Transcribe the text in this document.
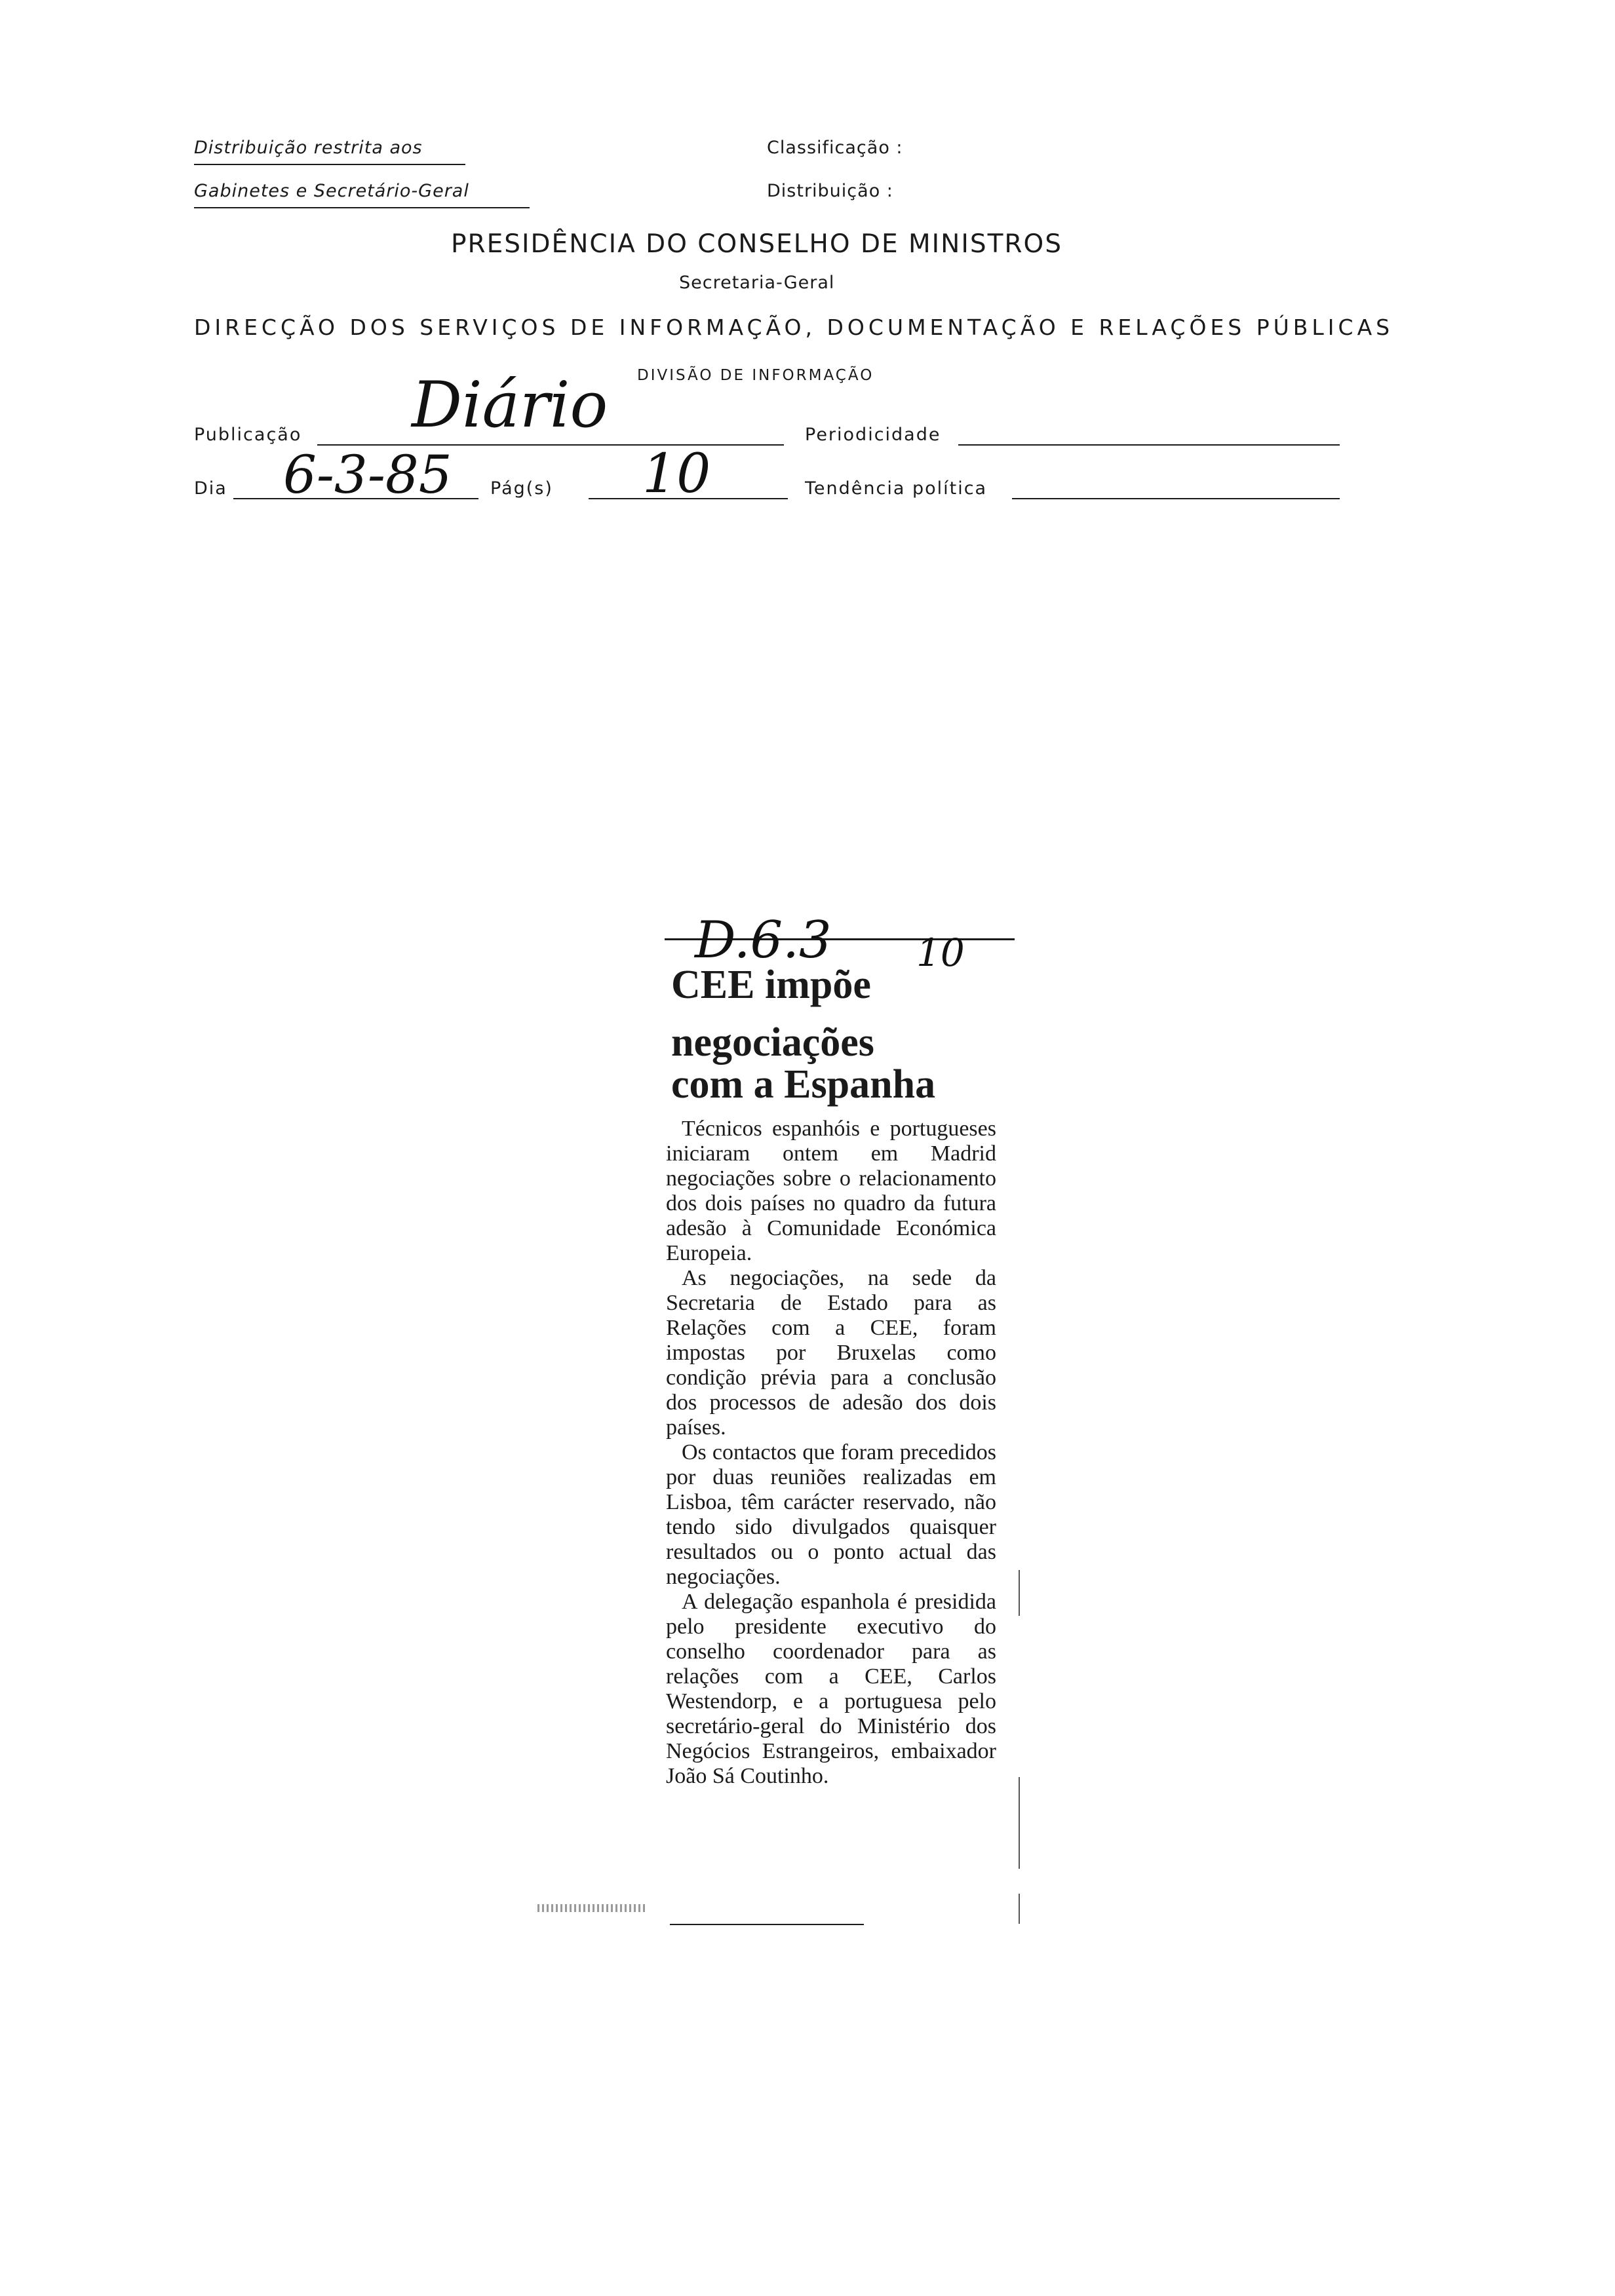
Distribuição restrita aos
Gabinetes e Secretário-Geral
Classificação :
Distribuição :
PRESIDÊNCIA DO CONSELHO DE MINISTROS
Secretaria-Geral
DIRECÇÃO DOS SERVIÇOS DE INFORMAÇÃO, DOCUMENTAÇÃO E RELAÇÕES PÚBLICAS
DIVISÃO DE INFORMAÇÃO
Publicação Diário	Periodicidade
Dia 6-3-85 Pág(s) 10	Tendência política
D.6.3 10
CEE impõe
negociações
com a Espanha

Técnicos espanhóis e portugueses iniciaram ontem em Madrid negociações sobre o relacionamento dos dois países no quadro da futura adesão à Comunidade Económica Europeia.

As negociações, na sede da Secretaria de Estado para as Relações com a CEE, foram impostas por Bruxelas como condição prévia para a conclusão dos processos de adesão dos dois países.

Os contactos que foram precedidos por duas reuniões realizadas em Lisboa, têm carácter reservado, não tendo sido divulgados quaisquer resultados ou o ponto actual das negociações.

A delegação espanhola é presidida pelo presidente executivo do conselho coordenador para as relações com a CEE, Carlos Westendorp, e a portuguesa pelo secretário-geral do Ministério dos Negócios Estrangeiros, embaixador João Sá Coutinho.
